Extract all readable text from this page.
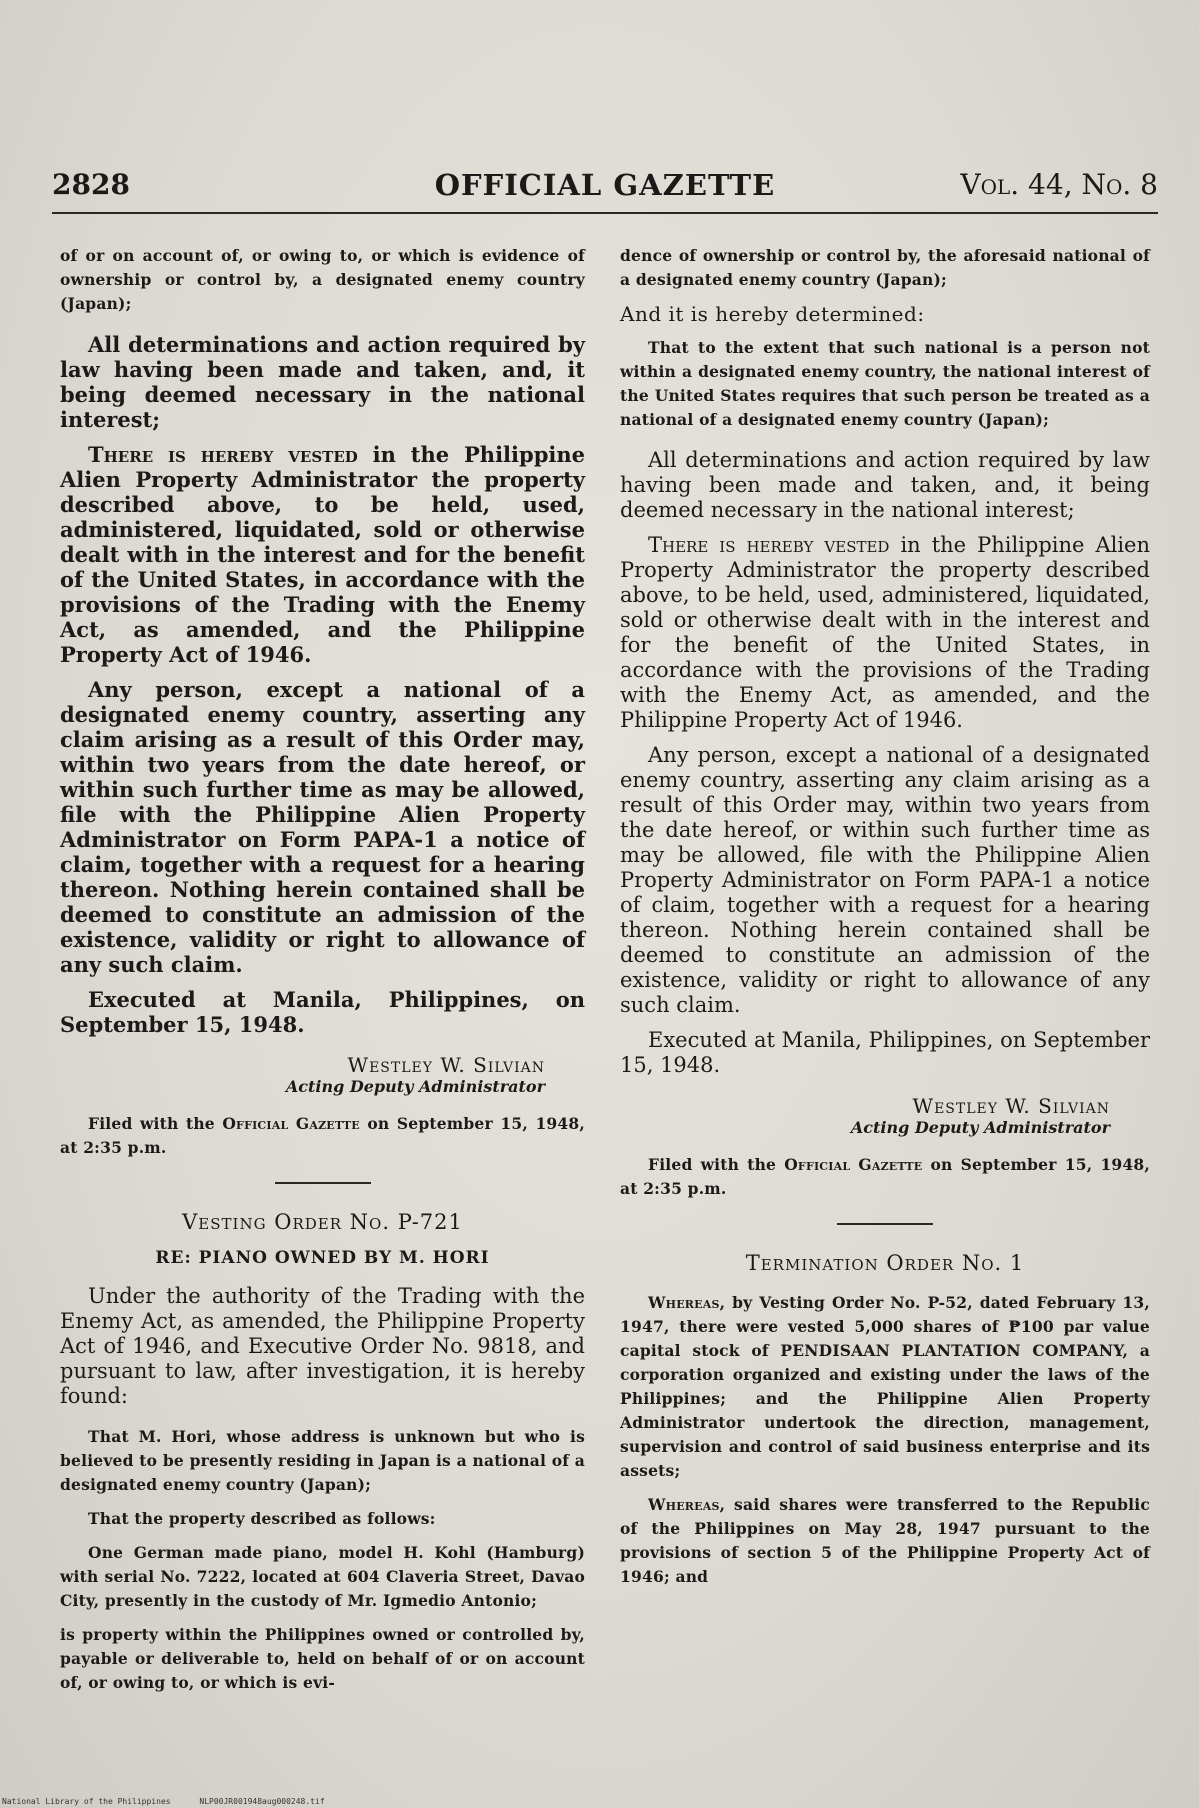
2828	OFFICIAL GAZETTE	Vol. 44, No. 8

of or on account of, or owing to, or which is evidence of ownership or control by, a designated enemy country (Japan);

All determinations and action required by law having been made and taken, and, it being deemed necessary in the national interest;

There is hereby vested in the Philippine Alien Property Administrator the property described above, to be held, used, administered, liquidated, sold or otherwise dealt with in the interest and for the benefit of the United States, in accordance with the provisions of the Trading with the Enemy Act, as amended, and the Philippine Property Act of 1946.

Any person, except a national of a designated enemy country, asserting any claim arising as a result of this Order may, within two years from the date hereof, or within such further time as may be allowed, file with the Philippine Alien Property Administrator on Form PAPA-1 a notice of claim, together with a request for a hearing thereon. Nothing herein contained shall be deemed to constitute an admission of the existence, validity or right to allowance of any such claim.

Executed at Manila, Philippines, on September 15, 1948.

Westley W. Silvian
Acting Deputy Administrator

Filed with the Official Gazette on September 15, 1948, at 2:35 p.m.

Vesting Order No. P-721
RE: PIANO OWNED BY M. HORI

Under the authority of the Trading with the Enemy Act, as amended, the Philippine Property Act of 1946, and Executive Order No. 9818, and pursuant to law, after investigation, it is hereby found:

That M. Hori, whose address is unknown but who is believed to be presently residing in Japan is a national of a designated enemy country (Japan);

That the property described as follows:

One German made piano, model H. Kohl (Hamburg) with serial No. 7222, located at 604 Claveria Street, Davao City, presently in the custody of Mr. Igmedio Antonio;

is property within the Philippines owned or controlled by, payable or deliverable to, held on behalf of or on account of, or owing to, or which is evi-

dence of ownership or control by, the aforesaid national of a designated enemy country (Japan);

And it is hereby determined:

That to the extent that such national is a person not within a designated enemy country, the national interest of the United States requires that such person be treated as a national of a designated enemy country (Japan);

All determinations and action required by law having been made and taken, and, it being deemed necessary in the national interest;

There is hereby vested in the Philippine Alien Property Administrator the property described above, to be held, used, administered, liquidated, sold or otherwise dealt with in the interest and for the benefit of the United States, in accordance with the provisions of the Trading with the Enemy Act, as amended, and the Philippine Property Act of 1946.

Any person, except a national of a designated enemy country, asserting any claim arising as a result of this Order may, within two years from the date hereof, or within such further time as may be allowed, file with the Philippine Alien Property Administrator on Form PAPA-1 a notice of claim, together with a request for a hearing thereon. Nothing herein contained shall be deemed to constitute an admission of the existence, validity or right to allowance of any such claim.

Executed at Manila, Philippines, on September 15, 1948.

Westley W. Silvian
Acting Deputy Administrator

Filed with the Official Gazette on September 15, 1948, at 2:35 p.m.

Termination Order No. 1

Whereas, by Vesting Order No. P-52, dated February 13, 1947, there were vested 5,000 shares of ₱100 par value capital stock of PENDISAAN PLANTATION COMPANY, a corporation organized and existing under the laws of the Philippines; and the Philippine Alien Property Administrator undertook the direction, management, supervision and control of said business enterprise and its assets;

Whereas, said shares were transferred to the Republic of the Philippines on May 28, 1947 pursuant to the provisions of section 5 of the Philippine Property Act of 1946; and

National Library of the Philippines	NLP00JR001948aug000248.tif
